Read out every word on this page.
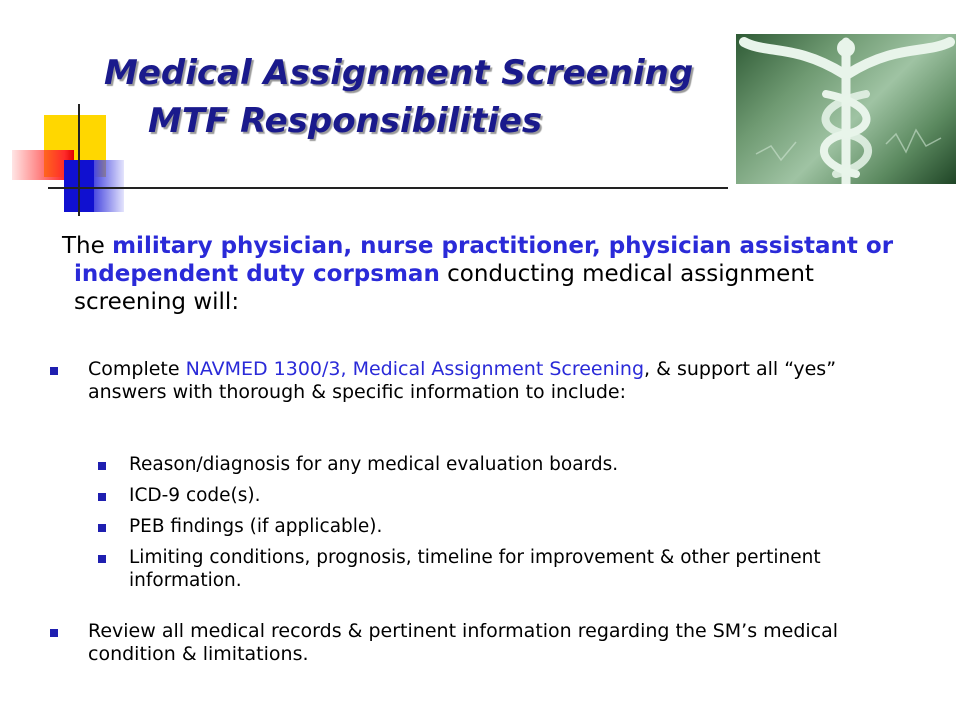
Medical Assignment Screening
MTF Responsibilities

The military physician, nurse practitioner, physician assistant or independent duty corpsman conducting medical assignment screening will:

Complete NAVMED 1300/3, Medical Assignment Screening, & support all “yes” answers with thorough & specific information to include:
Reason/diagnosis for any medical evaluation boards.
ICD-9 code(s).
PEB findings (if applicable).
Limiting conditions, prognosis, timeline for improvement & other pertinent information.
Review all medical records & pertinent information regarding the SM’s medical condition & limitations.
